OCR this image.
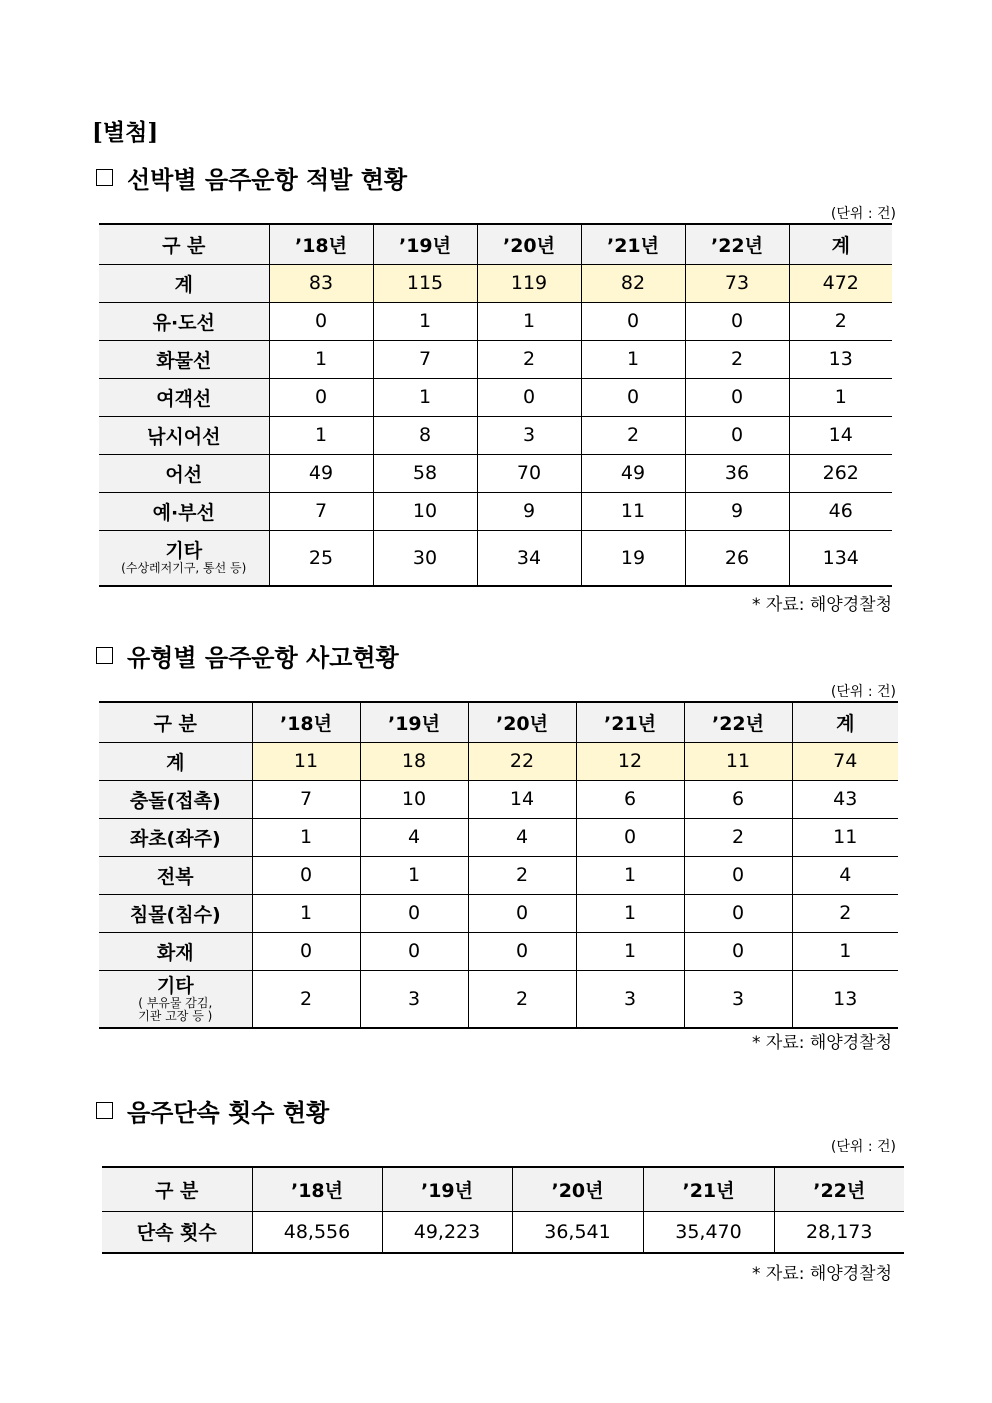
[별첨]
선박별 음주운항 적발 현황
(단위 : 건)
구 분	’18년	’19년	’20년	’21년	’22년	계
계	83	115	119	82	73	472
유·도선	0	1	1	0	0	2
화물선	1	7	2	1	2	13
여객선	0	1	0	0	0	1
낚시어선	1	8	3	2	0	14
어선	49	58	70	49	36	262
예·부선	7	10	9	11	9	46

기타
(수상레저기구, 통선 등)	25	30	34	19	26	134
* 자료: 해양경찰청
유형별 음주운항 사고현황
(단위 : 건)
구 분	’18년	’19년	’20년	’21년	’22년	계
계	11	18	22	12	11	74
충돌(접촉)	7	10	14	6	6	43
좌초(좌주)	1	4	4	0	2	11
전복	0	1	2	1	0	4
침몰(침수)	1	0	0	1	0	2
화재	0	0	0	1	0	1

기타
( 부유물 감김,
기관 고장 등 )	2	3	2	3	3	13
* 자료: 해양경찰청
음주단속 횟수 현황
(단위 : 건)
구 분	’18년	’19년	’20년	’21년	’22년
단속 횟수	48,556	49,223	36,541	35,470	28,173
* 자료: 해양경찰청
